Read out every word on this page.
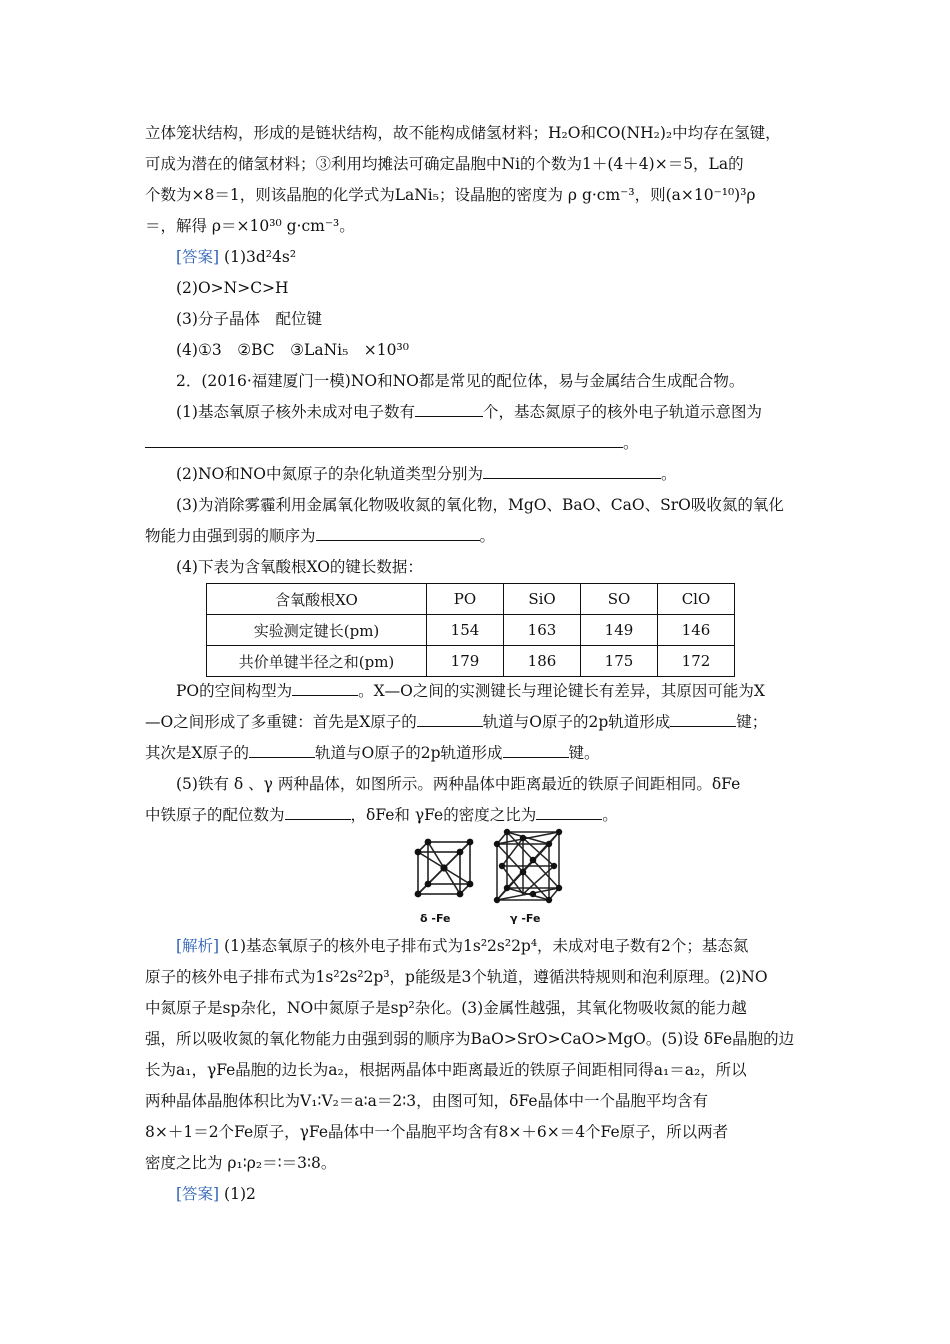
立体笼状结构，形成的是链状结构，故不能构成储氢材料；H₂O和CO(NH₂)₂中均存在氢键，
可成为潜在的储氢材料；③利用均摊法可确定晶胞中Ni的个数为1＋(4＋4)×＝5，La的
个数为×8＝1，则该晶胞的化学式为LaNi₅；设晶胞的密度为 ρ g·cm⁻³，则(a×10⁻¹⁰)³ρ
＝，解得 ρ＝×10³⁰ g·cm⁻³。
[答案] (1)3d²4s²
(2)O>N>C>H
(3)分子晶体　配位键
(4)①3　②BC　③LaNi₅　×10³⁰
2．(2016·福建厦门一模)NO和NO都是常见的配位体，易与金属结合生成配合物。
(1)基态氧原子核外未成对电子数有	个，基态氮原子的核外电子轨道示意图为
。
(2)NO和NO中氮原子的杂化轨道类型分别为	。
(3)为消除雾霾利用金属氧化物吸收氮的氧化物，MgO、BaO、CaO、SrO吸收氮的氧化
物能力由强到弱的顺序为	。
(4)下表为含氧酸根XO的键长数据：
含氧酸根XO	PO	SiO	SO	ClO
实验测定键长(pm)	154	163	149	146
共价单键半径之和(pm)	179	186	175	172
PO的空间构型为	。X—O之间的实测键长与理论键长有差异，其原因可能为X
—O之间形成了多重键：首先是X原子的	轨道与O原子的2p轨道形成	键；
其次是X原子的	轨道与O原子的2p轨道形成	键。
(5)铁有 δ 、γ 两种晶体，如图所示。两种晶体中距离最近的铁原子间距相同。δFe
中铁原子的配位数为	，δFe和 γFe的密度之比为	。
δ -Fe	γ -Fe
[解析] (1)基态氧原子的核外电子排布式为1s²2s²2p⁴，未成对电子数有2个；基态氮
原子的核外电子排布式为1s²2s²2p³，p能级是3个轨道，遵循洪特规则和泡利原理。(2)NO
中氮原子是sp杂化，NO中氮原子是sp²杂化。(3)金属性越强，其氧化物吸收氮的能力越
强，所以吸收氮的氧化物能力由强到弱的顺序为BaO>SrO>CaO>MgO。(5)设 δFe晶胞的边
长为a₁，γFe晶胞的边长为a₂，根据两晶体中距离最近的铁原子间距相同得a₁＝a₂，所以
两种晶体晶胞体积比为V₁∶V₂＝a∶a＝2∶3，由图可知，δFe晶体中一个晶胞平均含有
8×＋1＝2个Fe原子，γFe晶体中一个晶胞平均含有8×＋6×＝4个Fe原子，所以两者
密度之比为 ρ₁∶ρ₂＝∶＝3∶8。
[答案] (1)2
